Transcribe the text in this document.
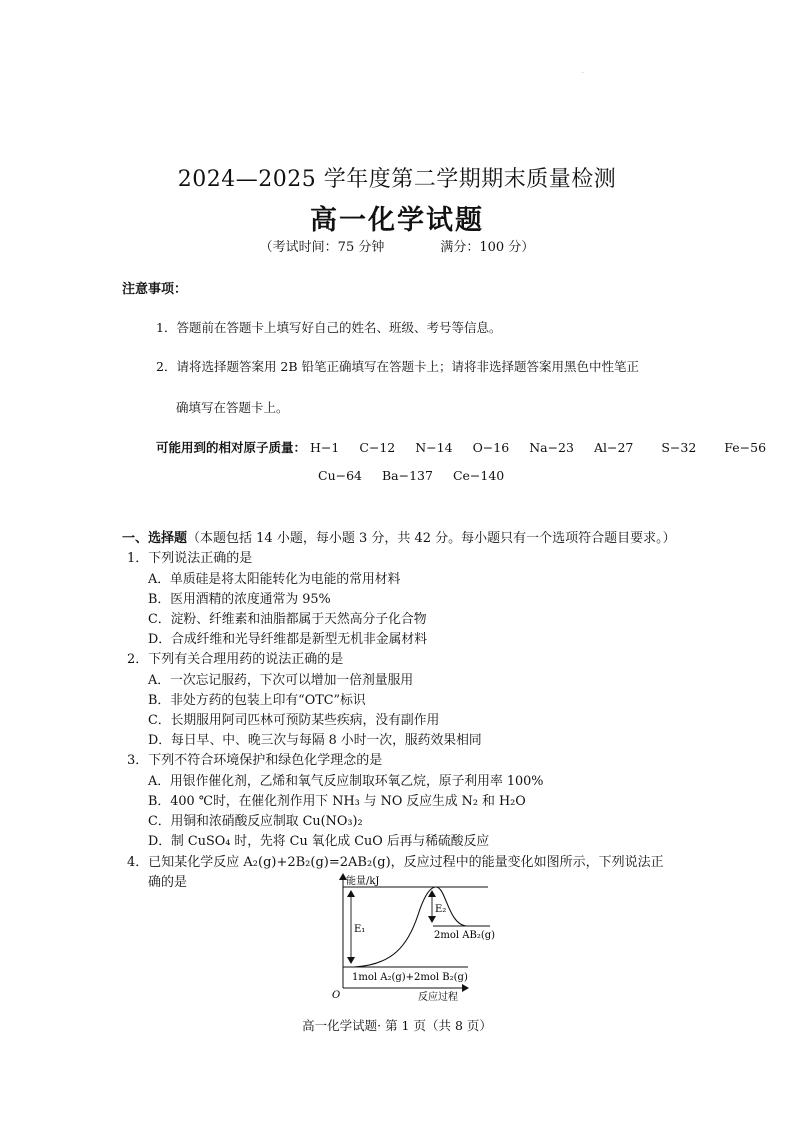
·
2024—2025 学年度第二学期期末质量检测
高一化学试题
（考试时间：75 分钟	满分：100 分）
注意事项：
1．答题前在答题卡上填写好自己的姓名、班级、考号等信息。
2．请将选择题答案用 2B 铅笔正确填写在答题卡上；请将非选择题答案用黑色中性笔正
确填写在答题卡上。
可能用到的相对原子质量： H−1 C−12 N−14 O−16 Na−23 Al−27 S−32 Fe−56
Cu−64 Ba−137 Ce−140
一、选择题（本题包括 14 小题，每小题 3 分，共 42 分。每小题只有一个选项符合题目要求。）
1．下列说法正确的是
A．单质硅是将太阳能转化为电能的常用材料
B．医用酒精的浓度通常为 95%
C．淀粉、纤维素和油脂都属于天然高分子化合物
D．合成纤维和光导纤维都是新型无机非金属材料
2．下列有关合理用药的说法正确的是
A．一次忘记服药，下次可以增加一倍剂量服用
B．非处方药的包装上印有“OTC”标识
C．长期服用阿司匹林可预防某些疾病，没有副作用
D．每日早、中、晚三次与每隔 8 小时一次，服药效果相同
3．下列不符合环境保护和绿色化学理念的是
A．用银作催化剂，乙烯和氧气反应制取环氧乙烷，原子利用率 100%
B．400 ℃时，在催化剂作用下 NH₃ 与 NO 反应生成 N₂ 和 H₂O
C．用铜和浓硝酸反应制取 Cu(NO₃)₂
D．制 CuSO₄ 时，先将 Cu 氧化成 CuO 后再与稀硫酸反应
4．已知某化学反应 A₂(g)+2B₂(g)=2AB₂(g)，反应过程中的能量变化如图所示，下列说法正
确的是	能量/kJ
O	反应过程
E₁
E₂
2mol AB₂(g)
1mol A₂(g)+2mol B₂(g)
高一化学试题· 第 1 页（共 8 页）
